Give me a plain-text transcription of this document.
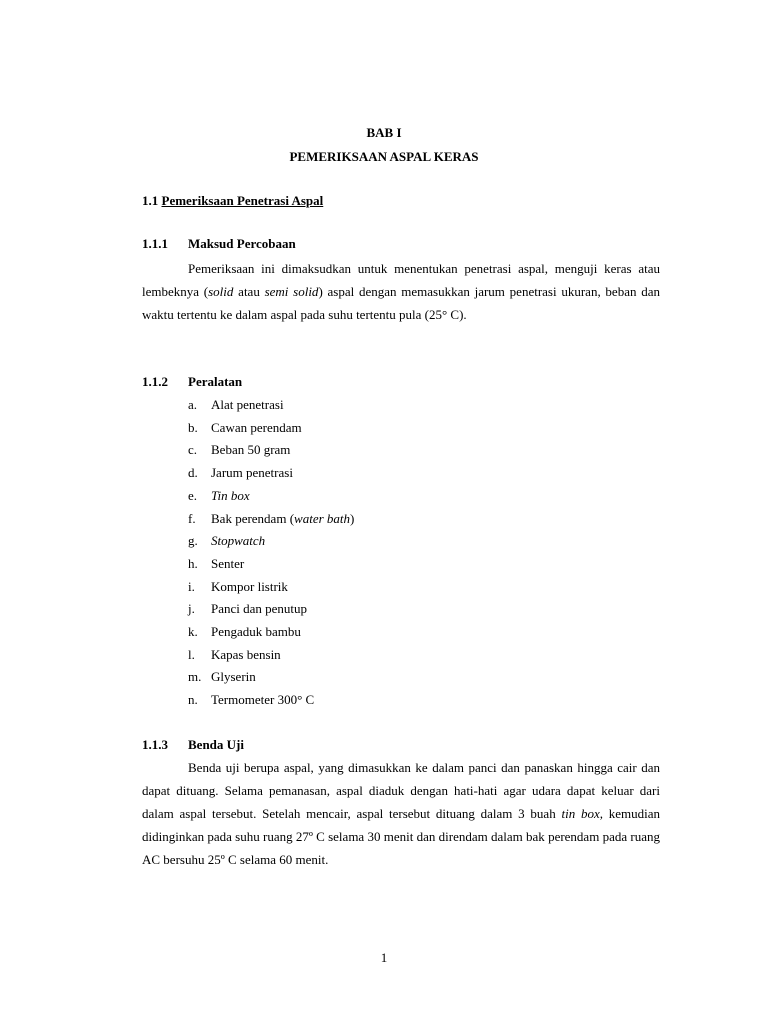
BAB I
PEMERIKSAAN ASPAL KERAS
1.1 Pemeriksaan Penetrasi Aspal
1.1.1 Maksud Percobaan
Pemeriksaan ini dimaksudkan untuk menentukan penetrasi aspal, menguji keras atau lembeknya (solid atau semi solid) aspal dengan memasukkan jarum penetrasi ukuran, beban dan waktu tertentu ke dalam aspal pada suhu tertentu pula (25° C).
1.1.2 Peralatan
a. Alat penetrasi
b. Cawan perendam
c. Beban 50 gram
d. Jarum penetrasi
e. Tin box
f. Bak perendam (water bath)
g. Stopwatch
h. Senter
i. Kompor listrik
j. Panci dan penutup
k. Pengaduk bambu
l. Kapas bensin
m. Glyserin
n. Termometer 300° C
1.1.3 Benda Uji
Benda uji berupa aspal, yang dimasukkan ke dalam panci dan panaskan hingga cair dan dapat dituang. Selama pemanasan, aspal diaduk dengan hati-hati agar udara dapat keluar dari dalam aspal tersebut. Setelah mencair, aspal tersebut dituang dalam 3 buah tin box, kemudian didinginkan pada suhu ruang 27º C selama 30 menit dan direndam dalam bak perendam pada ruang AC bersuhu 25º C selama 60 menit.
1
